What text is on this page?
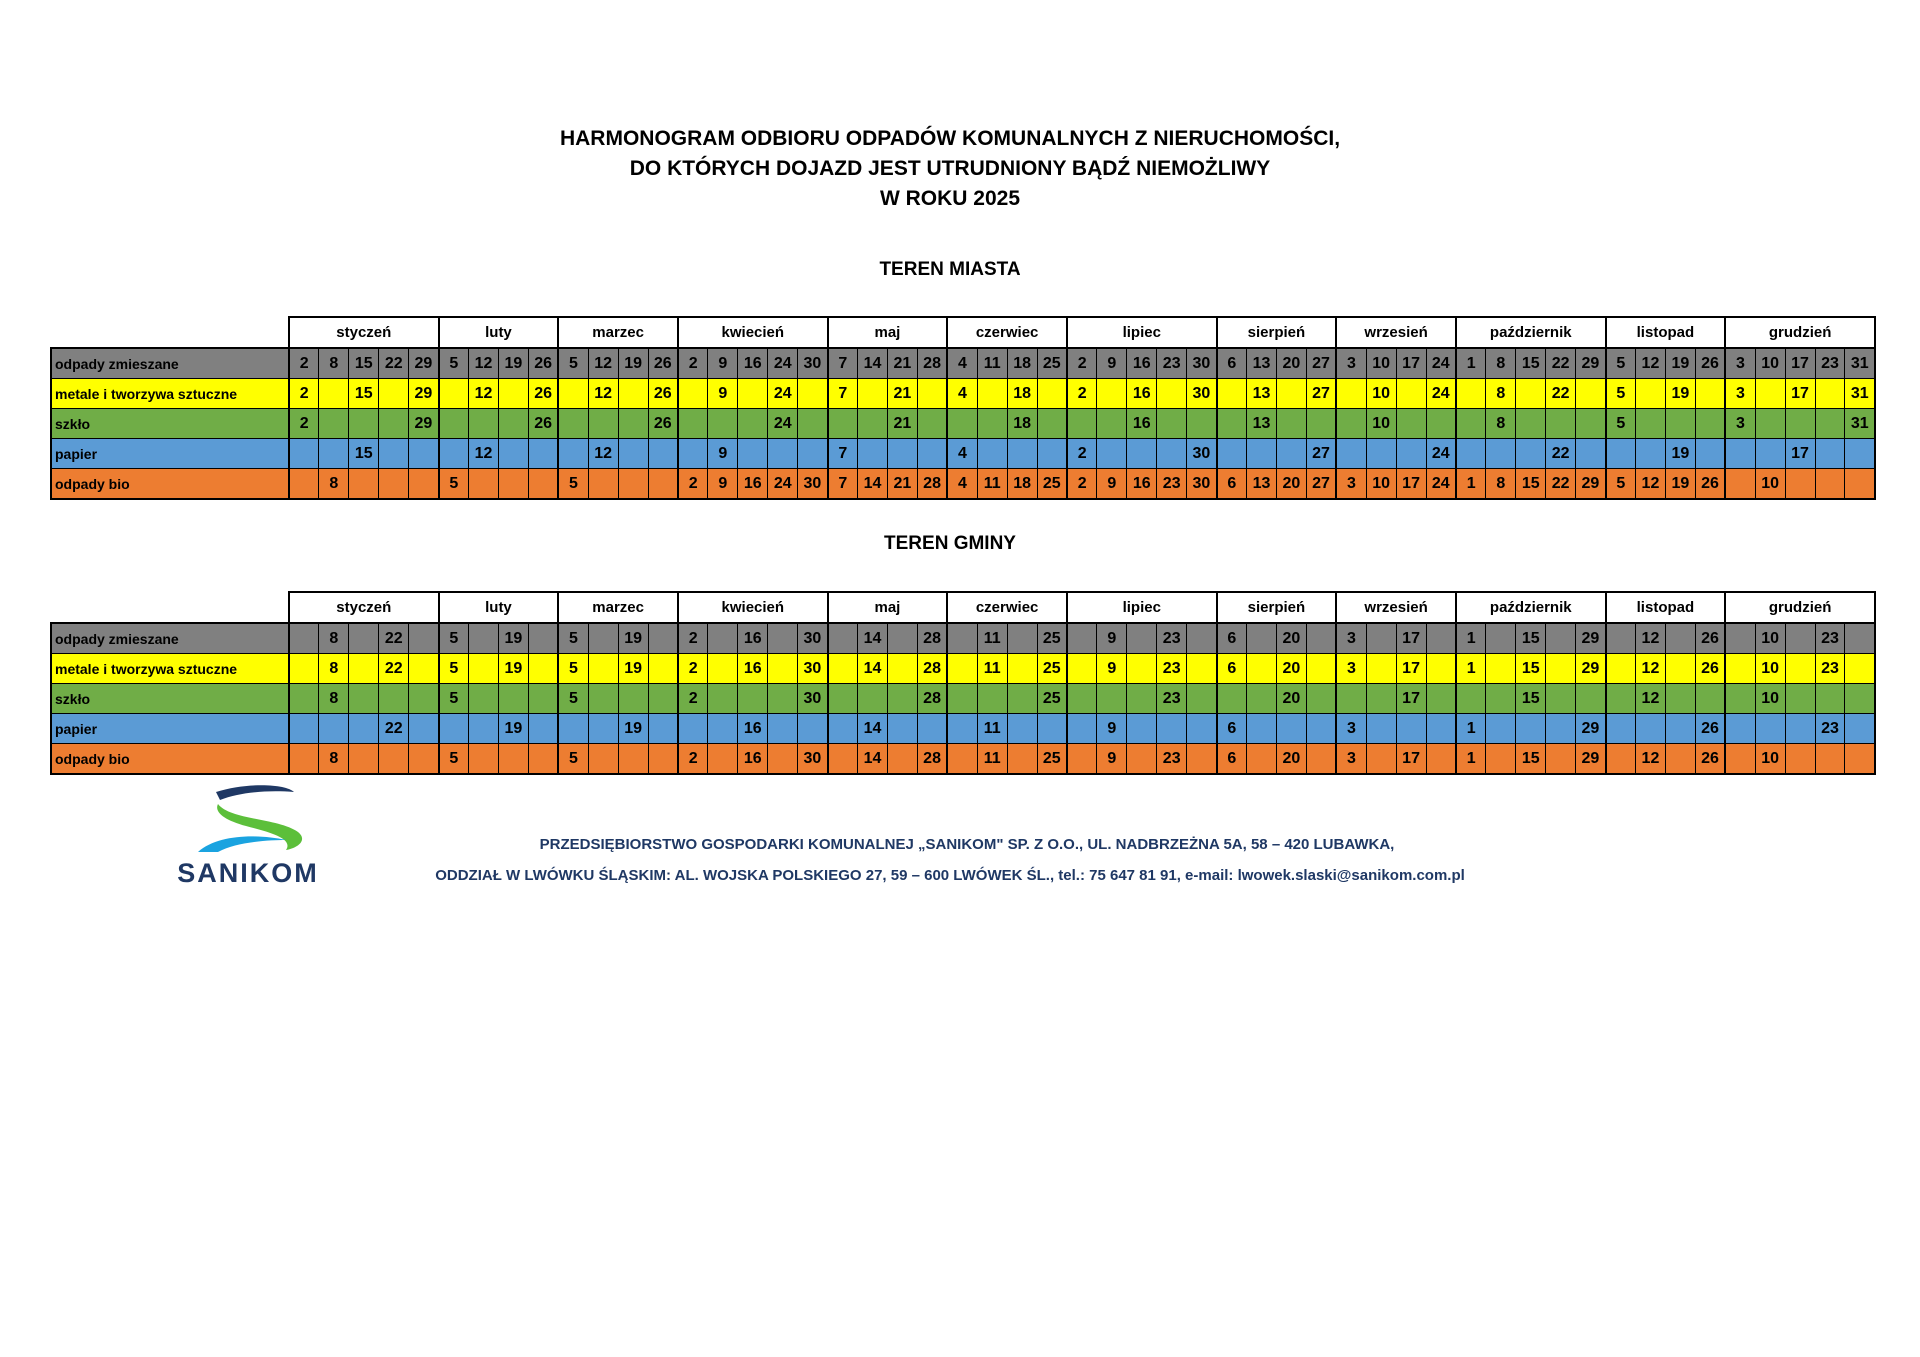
HARMONOGRAM ODBIORU ODPADÓW KOMUNALNYCH Z NIERUCHOMOŚCI,
DO KTÓRYCH DOJAZD JEST UTRUDNIONY BĄDŹ NIEMOŻLIWY
W ROKU 2025
TEREN MIASTA
	styczeń					luty				marzec				kwiecień					maj				czerwiec				lipiec					sierpień				wrzesień				październik					listopad				grudzień				
odpady zmieszane	2	8	15	22	29	5	12	19	26	5	12	19	26	2	9	16	24	30	7	14	21	28	4	11	18	25	2	9	16	23	30	6	13	20	27	3	10	17	24	1	8	15	22	29	5	12	19	26	3	10	17	23	31
metale i tworzywa sztuczne	2		15		29		12		26		12		26		9		24		7		21		4		18		2		16		30		13		27		10		24		8		22		5		19		3		17		31
szkło	2				29				26				26				24				21				18				16				13				10				8				5				3				31
papier			15				12				12				9				7				4				2				30				27				24				22				19				17		
odpady bio		8				5				5				2	9	16	24	30	7	14	21	28	4	11	18	25	2	9	16	23	30	6	13	20	27	3	10	17	24	1	8	15	22	29	5	12	19	26		10			
TEREN GMINY
	styczeń					luty				marzec				kwiecień					maj				czerwiec				lipiec					sierpień				wrzesień				październik					listopad				grudzień				
odpady zmieszane		8		22		5		19		5		19		2		16		30		14		28		11		25		9		23		6		20		3		17		1		15		29		12		26		10		23	
metale i tworzywa sztuczne		8		22		5		19		5		19		2		16		30		14		28		11		25		9		23		6		20		3		17		1		15		29		12		26		10		23	
szkło		8				5				5				2				30				28				25				23				20				17				15				12				10			
papier				22				19				19				16				14				11				9				6				3				1				29				26				23	
odpady bio		8				5				5				2		16		30		14		28		11		25		9		23		6		20		3		17		1		15		29		12		26		10			
SANIKOM
PRZEDSIĘBIORSTWO GOSPODARKI KOMUNALNEJ „SANIKOM" SP. Z O.O., UL. NADBRZEŻNA 5A, 58 – 420 LUBAWKA,
ODDZIAŁ W LWÓWKU ŚLĄSKIM: AL. WOJSKA POLSKIEGO 27, 59 – 600 LWÓWEK ŚL., tel.: 75 647 81 91, e-mail: lwowek.slaski@sanikom.com.pl
